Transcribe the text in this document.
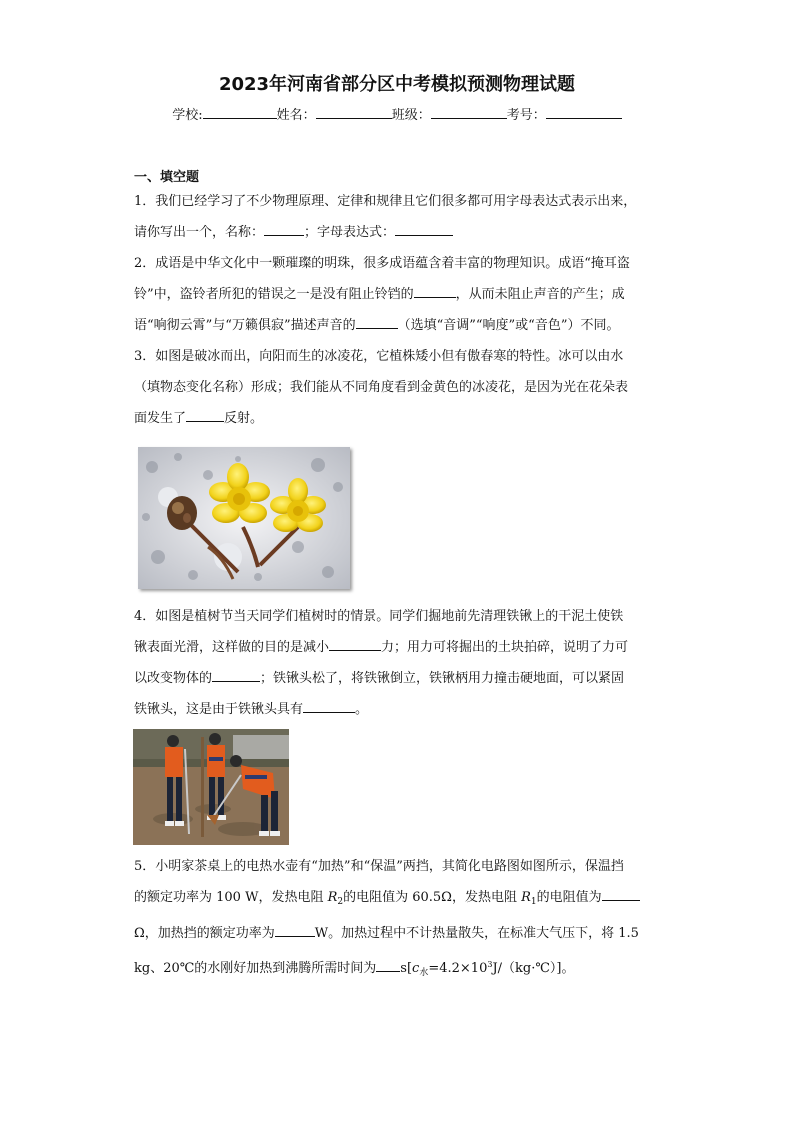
2023年河南省部分区中考模拟预测物理试题
学校:	姓名：	班级：	考号：
一、填空题

1．我们已经学习了不少物理原理、定律和规律且它们很多都可用字母表达式表示出来，

请你写出一个，名称：	；字母表达式：

2．成语是中华文化中一颗璀璨的明珠，很多成语蕴含着丰富的物理知识。成语“掩耳盗

铃”中，盗铃者所犯的错误之一是没有阻止铃铛的	，从而未阻止声音的产生；成

语“响彻云霄”与“万籁俱寂”描述声音的	（选填“音调”“响度”或“音色”）不同。

3．如图是破冰而出，向阳而生的冰凌花，它植株矮小但有傲春寒的特性。冰可以由水

（填物态变化名称）形成；我们能从不同角度看到金黄色的冰凌花，是因为光在花朵表

面发生了	反射。

4．如图是植树节当天同学们植树时的情景。同学们掘地前先清理铁锹上的干泥土使铁

锹表面光滑，这样做的目的是减小	力；用力可将掘出的土块拍碎，说明了力可

以改变物体的	；铁锹头松了，将铁锹倒立，铁锹柄用力撞击硬地面，可以紧固

铁锹头，这是由于铁锹头具有	。

5．小明家茶桌上的电热水壶有“加热”和“保温”两挡，其简化电路图如图所示，保温挡

的额定功率为 100 W，发热电阻 $R_2$的电阻值为 60.5Ω，发热电阻 $R_1$的电阻值为

Ω，加热挡的额定功率为	W。加热过程中不计热量散失，在标准大气压下，将 1.5

kg、20℃的水刚好加热到沸腾所需时间为 $s[c_水=4.2\times 10^3J/(kg\cdot℃)]$。
